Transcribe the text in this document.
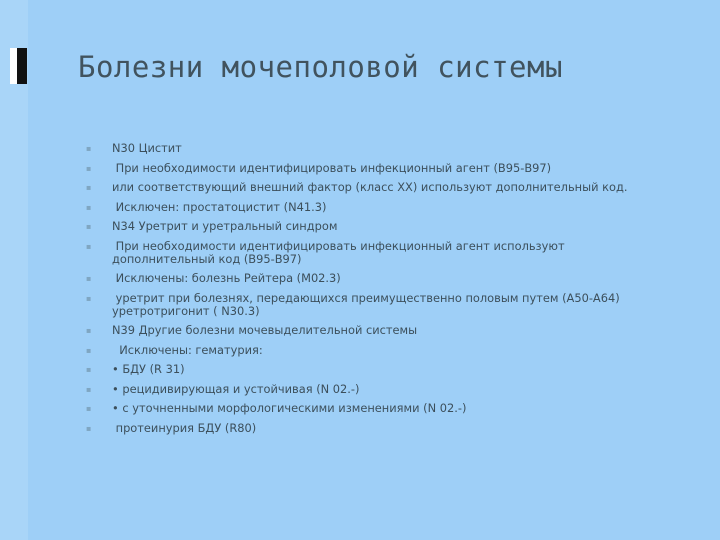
Болезни мочеполовой системы
▪	N30 Цистит
▪	При необходимости идентифицировать инфекционный агент (В95-В97)
▪	или соответствующий внешний фактор (класс XX) используют дополнительный код.
▪	Исключен: простатоцистит (N41.3)
▪	N34 Уретрит и уретральный синдром
▪	При необходимости идентифицировать инфекционный агент используют дополнительный код (В95-В97)
▪	Исключены: болезнь Рейтера (М02.3)
▪	уретрит при болезнях, передающихся преимущественно половым путем (А50-А64) уретротригонит ( N30.3)
▪	N39 Другие болезни мочевыделительной системы
▪	Исключены: гематурия:
▪	• БДУ (R 31)
▪	• рецидивирующая и устойчивая (N 02.-)
▪	• с уточненными морфологическими изменениями (N 02.-)
▪	протеинурия БДУ (R80)
